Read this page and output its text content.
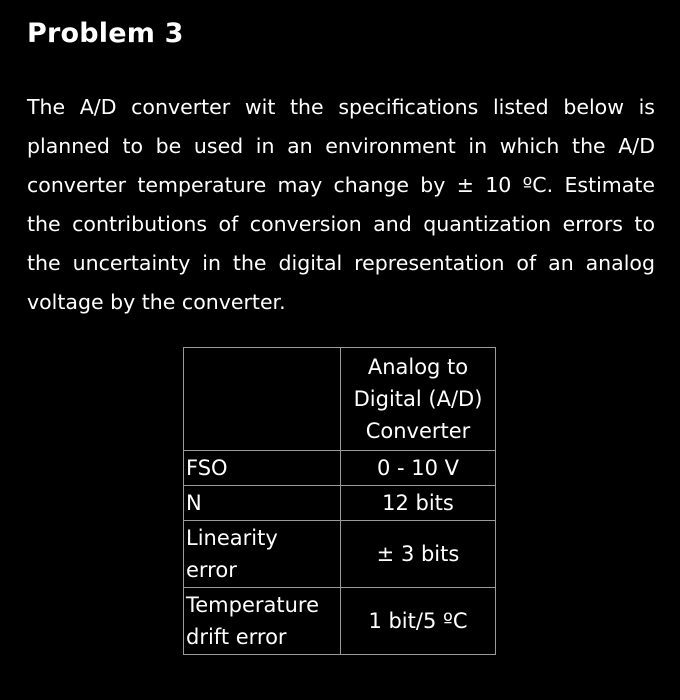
Problem 3
The A/D converter wit the specifications listed below is planned to be used in an environment in which the A/D converter temperature may change by ± 10 ºC. Estimate the contributions of conversion and quantization errors to the uncertainty in the digital representation of an analog voltage by the converter.

	Analog to
Digital (A/D)
Converter

FSO	0 - 10 V

N	12 bits

Linearity
error	± 3 bits

Temperature
drift error	1 bit/5 ºC
